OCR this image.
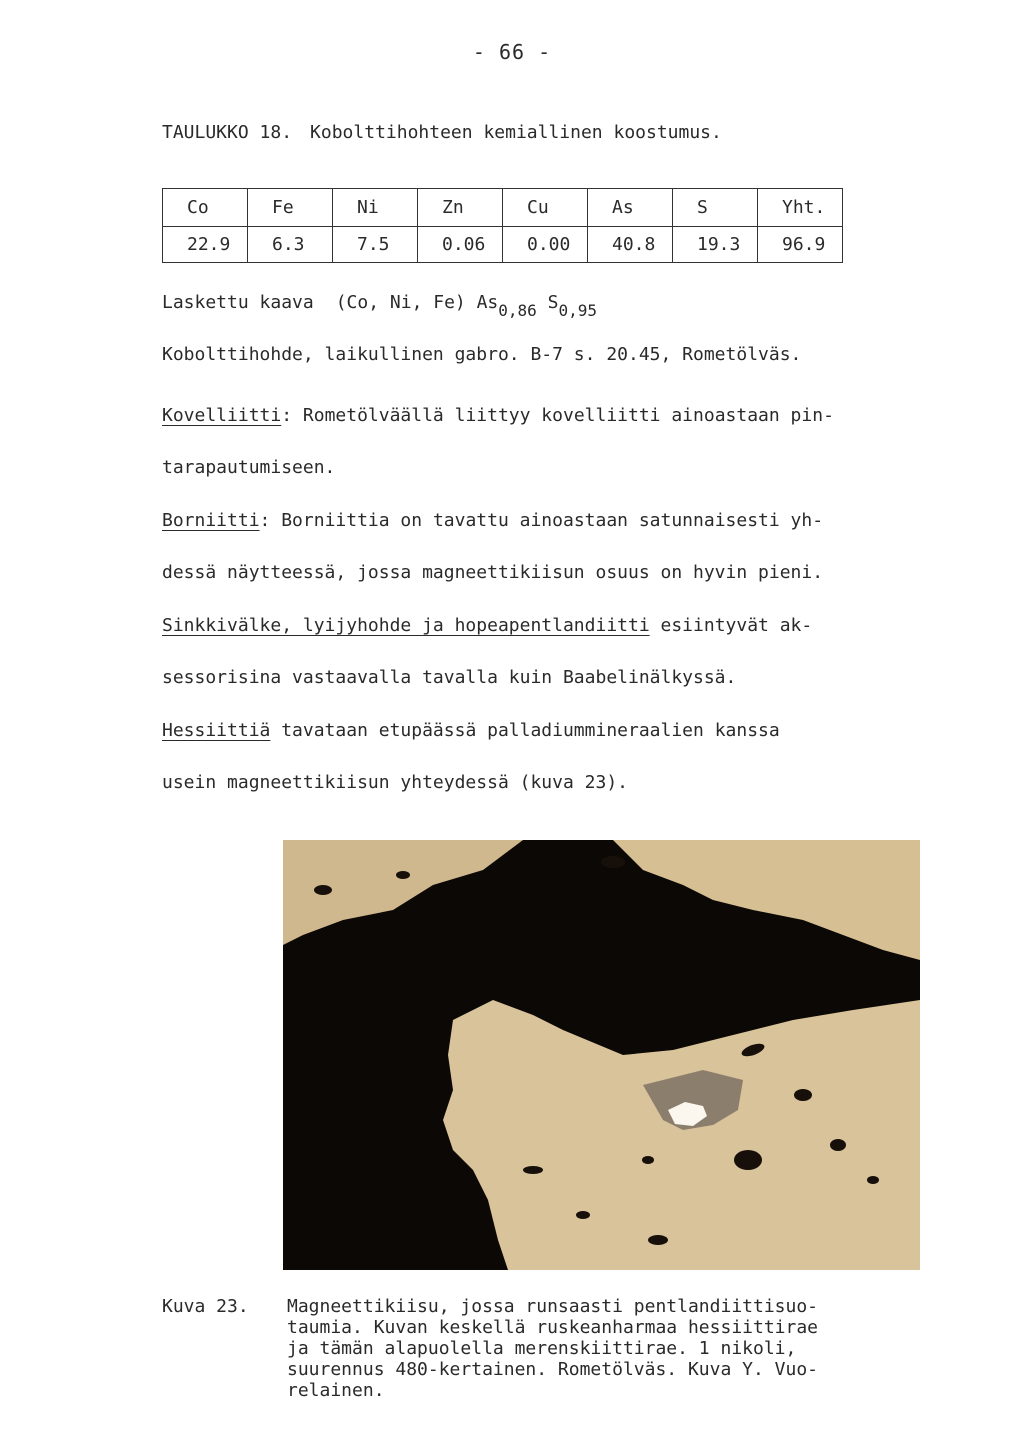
- 66 -
TAULUKKO 18. Kobolttihohteen kemiallinen koostumus.
Co	Fe	Ni	Zn	Cu	As	S	Yht.
22.9	6.3	7.5	0.06	0.00	40.8	19.3	96.9
Laskettu kaava (Co, Ni, Fe) $As_{0,86}$ $S_{0,95}$
Kobolttihohde, laikullinen gabro. B-7 s. 20.45, Rometölväs.
Kovelliitti: Rometölväällä liittyy kovelliitti ainoastaan pin-
tarapautumiseen.
Borniitti: Borniittia on tavattu ainoastaan satunnaisesti yh-
dessä näytteessä, jossa magneettikiisun osuus on hyvin pieni.
Sinkkivälke, lyijyhohde ja hopeapentlandiitti esiintyvät ak-
sessorisina vastaavalla tavalla kuin Baabelinälkyssä.
Hessiittiä tavataan etupäässä palladiummineraalien kanssa
usein magneettikiisun yhteydessä (kuva 23).
Kuva 23. Magneettikiisu, jossa runsaasti pentlandiittisuo-
taumia. Kuvan keskellä ruskeanharmaa hessiittirae
ja tämän alapuolella merenskiittirae. 1 nikoli,
suurennus 480-kertainen. Rometölväs. Kuva Y. Vuo-
relainen.
